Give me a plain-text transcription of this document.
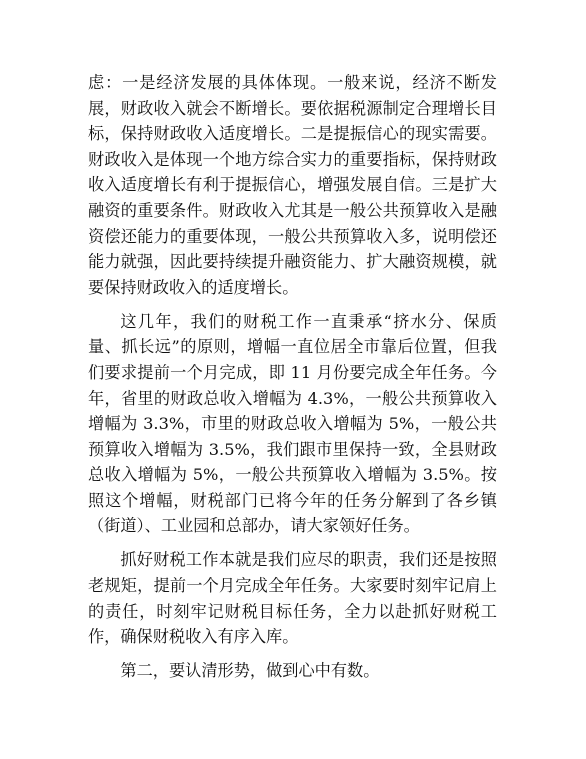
虑：一是经济发展的具体体现。一般来说，经济不断发展，财政收入就会不断增长。要依据税源制定合理增长目标，保持财政收入适度增长。二是提振信心的现实需要。财政收入是体现一个地方综合实力的重要指标，保持财政收入适度增长有利于提振信心，增强发展自信。三是扩大融资的重要条件。财政收入尤其是一般公共预算收入是融资偿还能力的重要体现，一般公共预算收入多，说明偿还能力就强，因此要持续提升融资能力、扩大融资规模，就要保持财政收入的适度增长。

这几年，我们的财税工作一直秉承“挤水分、保质量、抓长远”的原则，增幅一直位居全市靠后位置，但我们要求提前一个月完成，即 11 月份要完成全年任务。今年，省里的财政总收入增幅为 4.3%，一般公共预算收入增幅为 3.3%，市里的财政总收入增幅为 5%，一般公共预算收入增幅为 3.5%，我们跟市里保持一致，全县财政总收入增幅为 5%，一般公共预算收入增幅为 3.5%。按照这个增幅，财税部门已将今年的任务分解到了各乡镇（街道）、工业园和总部办，请大家领好任务。

抓好财税工作本就是我们应尽的职责，我们还是按照老规矩，提前一个月完成全年任务。大家要时刻牢记肩上的责任，时刻牢记财税目标任务，全力以赴抓好财税工作，确保财税收入有序入库。

第二，要认清形势，做到心中有数。
